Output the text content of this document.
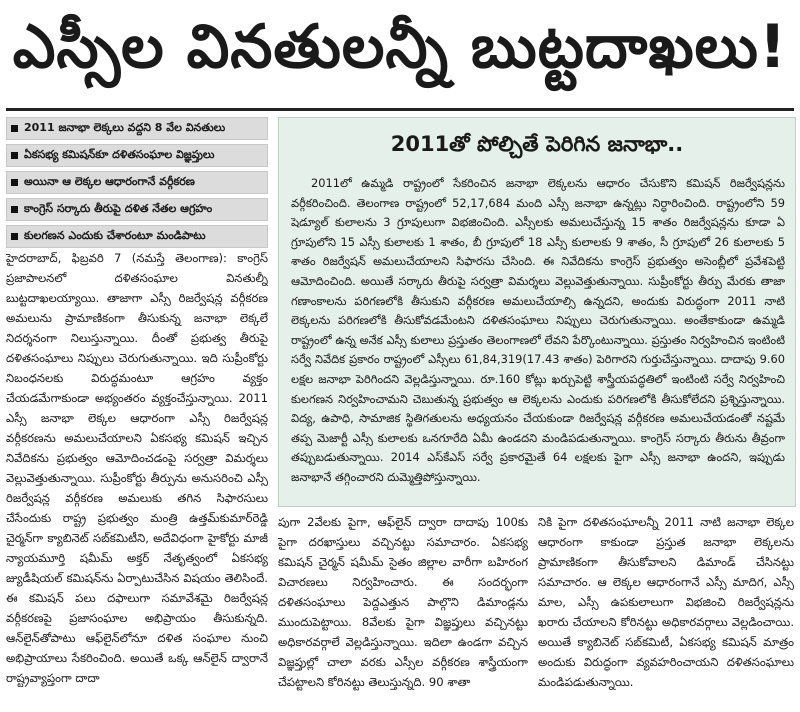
ఎస్సీల వినతులన్నీ బుట్టదాఖలు!
2011 జనాభా లెక్కలు వద్దని 8 వేల వినతులు
ఏకసభ్య కమిషన్‌కూ దళితసంఘాల విజ్ఞప్తులు
అయినా ఆ లెక్కల ఆధారంగానే వర్గీకరణ
కాంగ్రెస్ సర్కారు తీరుపై దళిత నేతల ఆగ్రహం
కులగణన ఎందుకు చేశారంటూ మండిపాటు
2011తో పోల్చితే పెరిగిన జనాభా..
2011లో ఉమ్మడి రాష్ట్రంలో సేకరించిన జనాభా లెక్కలను ఆధారం చేసుకొని కమిషన్ రిజర్వేషన్లను వర్గీకరించింది. తెలంగాణ రాష్ట్రంలో 52,17,684 మంది ఎస్సీ జనాభా ఉన్నట్లు నిర్ధారించింది. రాష్ట్రంలోని 59 షెడ్యూల్ కులాలను 3 గ్రూపులుగా విభజించింది. ఎస్సీలకు అమలుచేస్తున్న 15 శాతం రిజర్వేషన్లను కూడా ఏ గ్రూపులోని 15 ఎస్సీ కులాలకు 1 శాతం, బీ గ్రూపులో 18 ఎస్సీ కులాలకు 9 శాతం, సీ గ్రూపులో 26 కులాలకు 5 శాతం రిజర్వేషన్ అమలుచేయాలని సిఫారసు చేసింది. ఈ నివేదికను కాంగ్రెస్ ప్రభుత్వం అసెంబ్లీలో ప్రవేశపెట్టి ఆమోదించింది. అయితే సర్కారు తీరుపై సర్వత్రా విమర్శలు వెల్లువెత్తుతున్నాయి. సుప్రీంకోర్టు తీర్పు మేరకు తాజా గణాంకాలను పరిగణలోకి తీసుకుని వర్గీకరణ అమలుచేయాల్సి ఉన్నదని, అందుకు విరుద్ధంగా 2011 నాటి లెక్కలను పరిగణలోకి తీసుకోవడమేంటని దళితసంఘాలు నిప్పులు చెరుగుతున్నాయి. అంతేకాకుండా ఉమ్మడి రాష్ట్రంలో ఉన్న అనేక ఎస్సీ కులాలు ప్రస్తుతం తెలంగాణలో లేవని పేర్కొంటున్నాయి. ప్రస్తుతం నిర్వహించిన ఇంటింటి సర్వే నివేదిక ప్రకారం రాష్ట్రంలో ఎస్సీలు 61,84,319(17.43 శాతం) పెరిగారని గుర్తుచేస్తున్నాయి. దాదాపు 9.60 లక్షల జనాభా పెరిగిందని వెల్లడిస్తున్నాయి. రూ.160 కోట్లు ఖర్చుపెట్టి శాస్త్రీయపద్ధతిలో ఇంటింటి సర్వే నిర్వహించి కులగణన నిర్వహించామని చెబుతున్న ప్రభుత్వం ఆ లెక్కలను ఎందుకు పరిగణలోకి తీసుకోలేదని ప్రశ్నిస్తున్నాయి. విద్య, ఉపాధి, సామాజిక స్థితిగతులను అధ్యయనం చేయకుండా రిజర్వేషన్ల వర్గీకరణ అమలుచేయడంతో నష్టమే తప్ప మెజార్టీ ఎస్సీ కులాలకు ఒనగూరేది ఏమీ ఉండదని మండిపడుతున్నాయి. కాంగ్రెస్ సర్కారు తీరును తీవ్రంగా తప్పుబడుతున్నాయి. 2014 ఎస్‌కేఎస్ సర్వే ప్రకారమైతే 64 లక్షలకు పైగా ఎస్సీ జనాభా ఉందని, ఇప్పుడు జనాభానే తగ్గించారని దుమ్మెత్తిపోస్తున్నాయి.
హైదరాబాద్, ఫిబ్రవరి 7 (నమస్తే తెలంగాణ): కాంగ్రెస్ ప్రజాపాలనలో దళితసంఘాల వినతుల్నీ బుట్టదాఖలయ్యాయి. తాజాగా ఎస్సీ రిజర్వేషన్ల వర్గీకరణ అమలును ప్రామాణికంగా తీసుకున్న జనాభా లెక్కలే నిదర్శనంగా నిలుస్తున్నాయి. దీంతో ప్రభుత్వ తీరుపై దళితసంఘాలు నిప్పులు చెరుగుతున్నాయి. ఇది సుప్రీంకోర్టు నిబంధనలకు విరుద్ధమంటూ ఆగ్రహం వ్యక్తం చేయడమేగాకుండా అభ్యంతరం వ్యక్తంచేస్తున్నాయి. 2011 ఎస్సీ జనాభా లెక్కల ఆధారంగా ఎస్సీ రిజర్వేషన్ల వర్గీకరణను అమలుచేయాలని ఏకసభ్య కమిషన్ ఇచ్చిన నివేదికను ప్రభుత్వం ఆమోదించడంపై సర్వత్రా విమర్శలు వెల్లువెత్తుతున్నాయి. సుప్రీంకోర్టు తీర్పును అనుసరించి ఎస్సీ రిజర్వేషన్ల వర్గీకరణ అమలుకు తగిన సిఫారసులు చేసేందుకు రాష్ట్ర ప్రభుత్వం మంత్రి ఉత్తమ్‌కుమార్‌రెడ్డి చైర్మన్‌గా క్యాబినెట్ సబ్‌కమిటీని, అదేవిధంగా హైకోర్టు మాజీ న్యాయమూర్తి షమీమ్ అక్తర్ నేతృత్వంలో ఏకసభ్య జ్యుడీషియల్ కమిషన్‌ను ఏర్పాటుచేసిన విషయం తెలిసిందే. ఈ కమిషన్ పలు దఫాలుగా సమావేశమై రిజర్వేషన్ల వర్గీకరణపై ప్రజాసంఘాల అభిప్రాయం తీసుకున్నది. ఆన్‌లైన్‌తోపాటు ఆఫ్‌లైన్‌లోనూ దళిత సంఘాల నుంచి అభిప్రాయాలు సేకరించింది. అయితే ఒక్క ఆన్‌లైన్ ద్వారానే రాష్ట్రవ్యాప్తంగా దాదా
పుగా 2వేలకు పైగా, ఆఫ్‌లైన్ ద్వారా దాదాపు 100కు పైగా దరఖాస్తులు వచ్చినట్టు సమాచారం. ఏకసభ్య కమిషన్ చైర్మన్ షమీమ్ సైతం జిల్లాల వారీగా బహిరంగ విచారణలు నిర్వహించారు. ఈ సందర్భంగా దళితసంఘాలు పెద్దఎత్తున పాల్గొని డిమాండ్లను ముందుపెట్టాయి. 8వేలకు పైగా విజ్ఞప్తులు వచ్చినట్టు అధికారవర్గాలే వెల్లడిస్తున్నాయి. ఇదిలా ఉండగా వచ్చిన విజ్ఞప్తుల్లో చాలా వరకు ఎస్సీల వర్గీకరణ శాస్త్రీయంగా చేపట్టాలని కోరినట్టు తెలుస్తున్నది. 90 శాతా
నికి పైగా దళితసంఘాలన్నీ 2011 నాటి జనాభా లెక్కల ఆధారంగా కాకుండా ప్రస్తుత జనాభా లెక్కలను ప్రామాణికంగా తీసుకోవాలని డిమాండ్ చేసినట్టు సమాచారం. ఆ లెక్కల ఆధారంగానే ఎస్సీ మాదిగ, ఎస్సీ మాల, ఎస్సీ ఉపకులాలుగా విభజించి రిజర్వేషన్లను ఖరారు చేయాలని కోరినట్టు అధికారవర్గాలు వెల్లడించాయి. అయితే క్యాబినెట్ సబ్‌కమిటీ, ఏకసభ్య కమిషన్ మాత్రం అందుకు విరుద్ధంగా వ్యవహరించాయని దళితసంఘాలు మండిపడుతున్నాయి.
